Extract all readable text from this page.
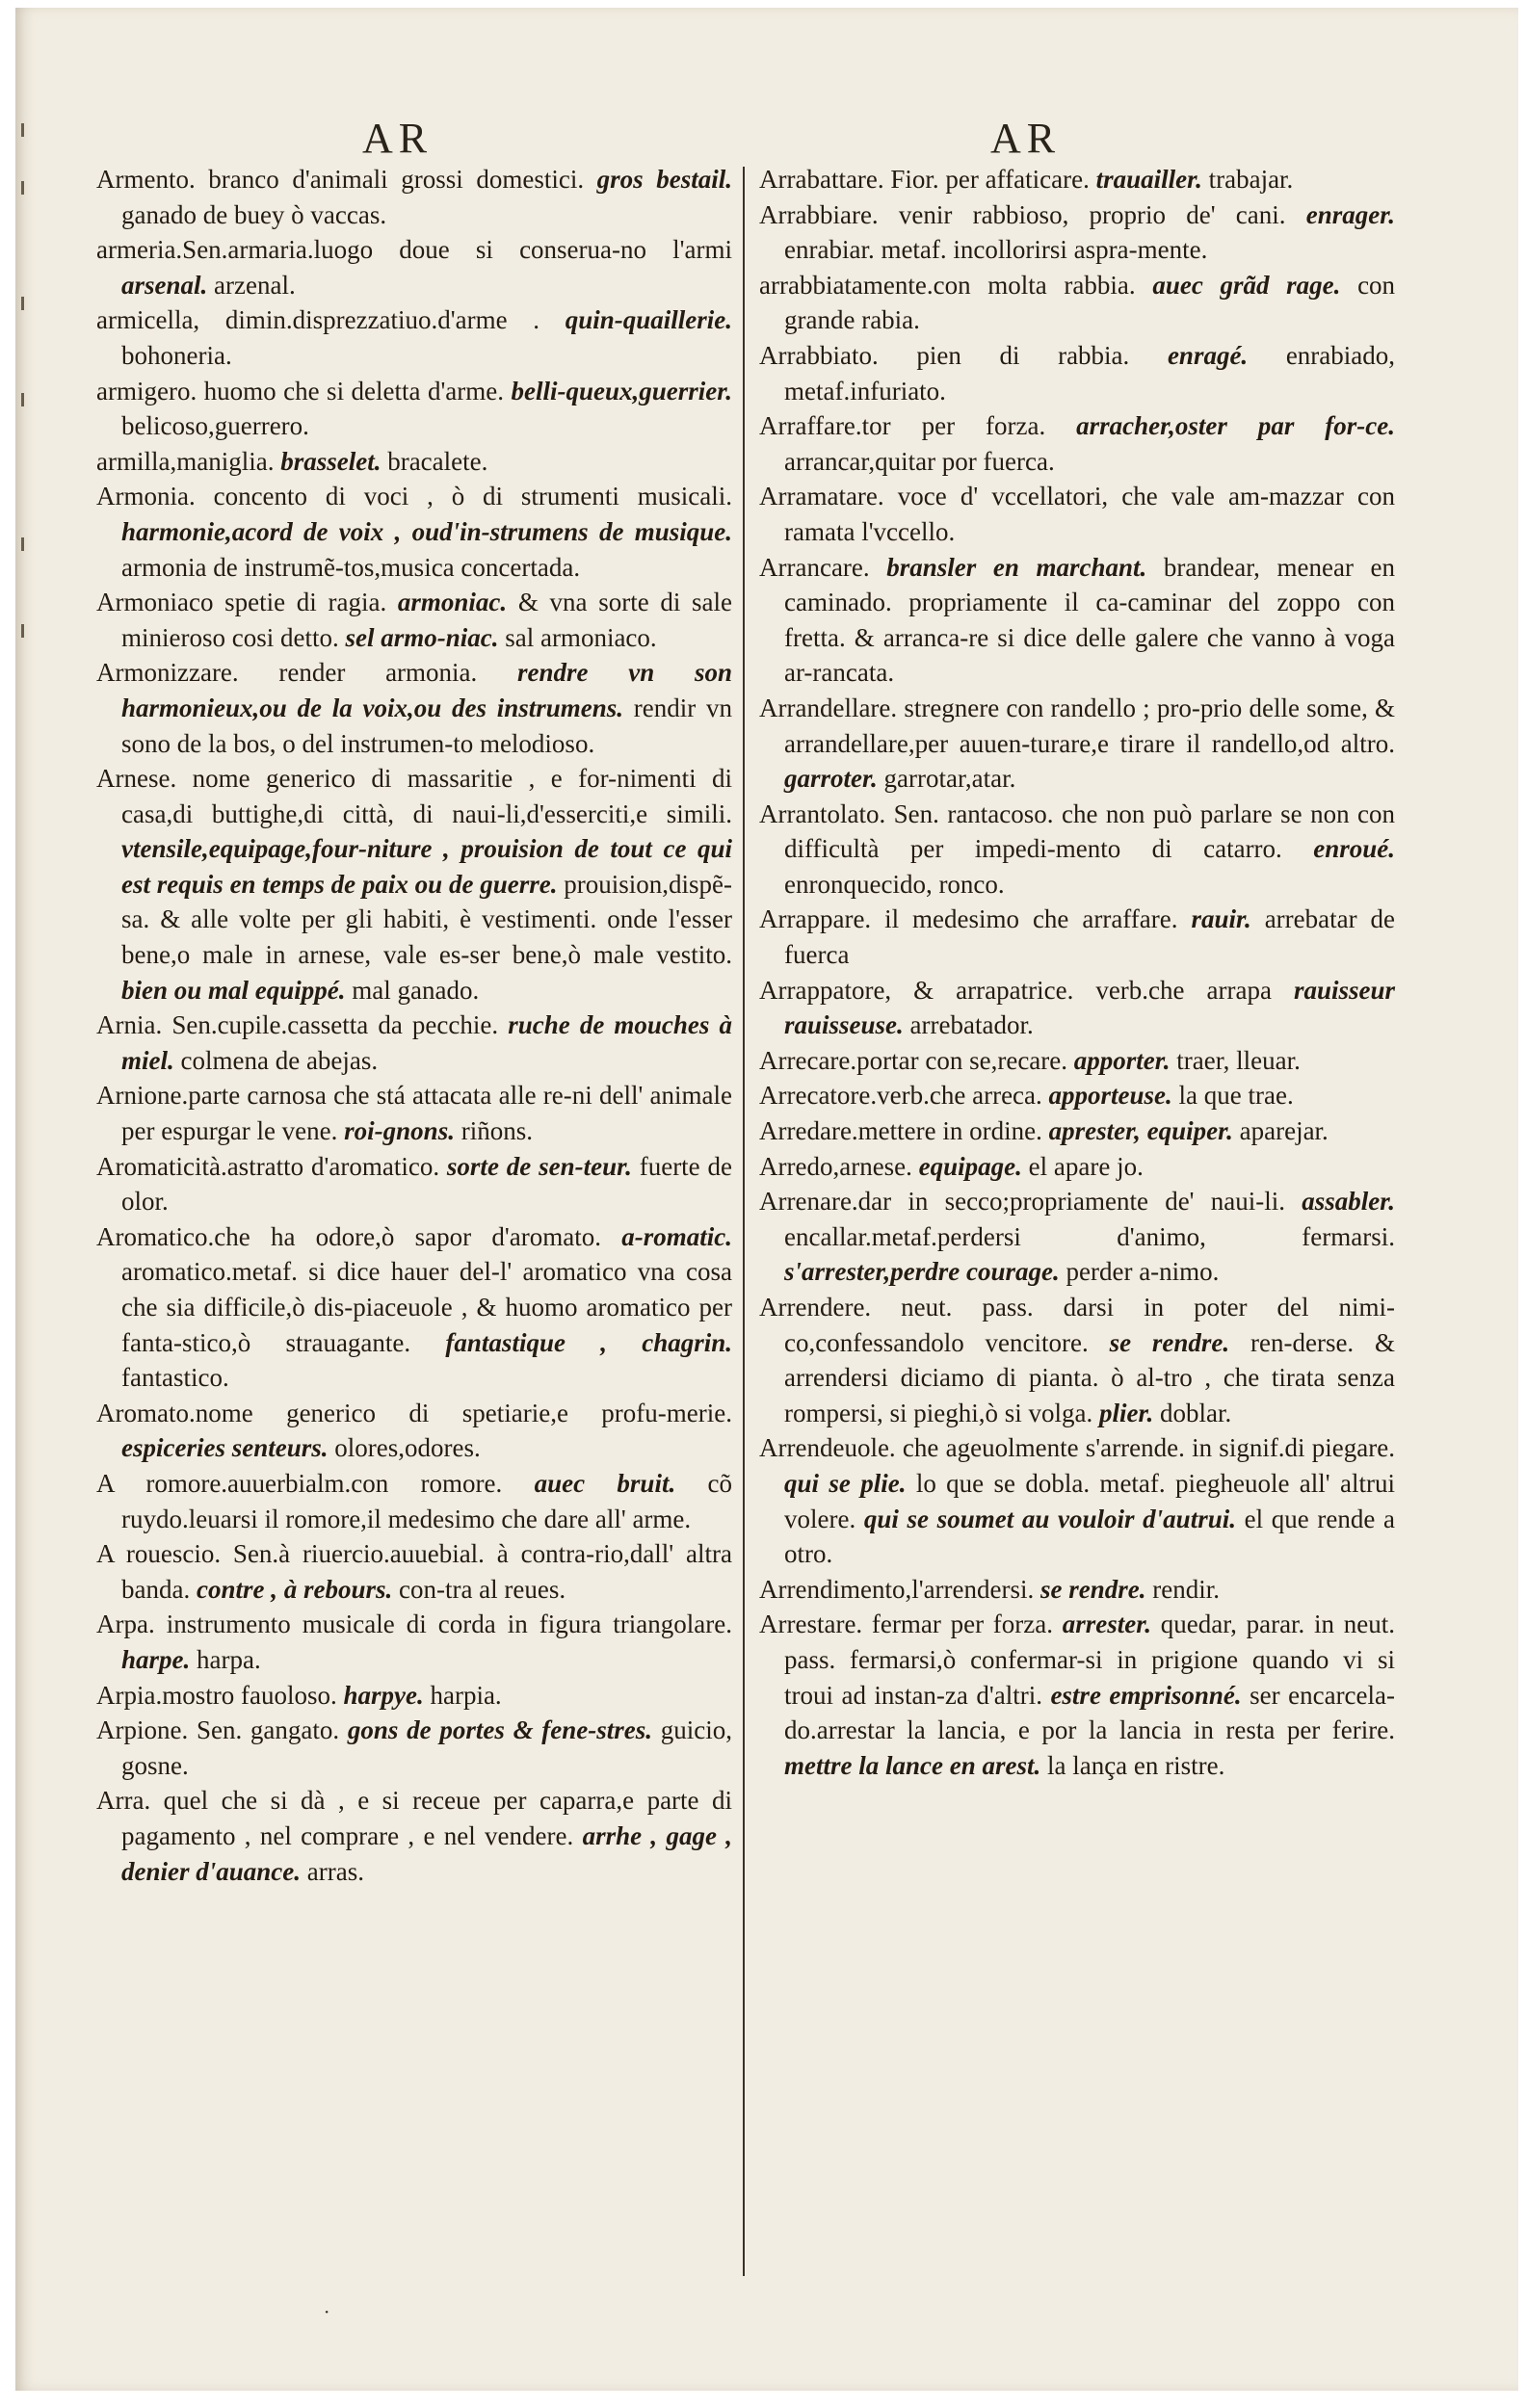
AR	AR

Armento. branco d'animali grossi domestici. gros bestail. ganado de buey ò vaccas.

armeria.Sen.armaria.luogo doue si conserua-no l'armi arsenal. arzenal.

armicella, dimin.disprezzatiuo.d'arme . quin-quaillerie. bohoneria.

armigero. huomo che si deletta d'arme. belli-queux,guerrier. belicoso,guerrero.

armilla,maniglia. brasselet. bracalete.

Armonia. concento di voci , ò di strumenti musicali. harmonie,acord de voix , oud'in-strumens de musique. armonia de instrumẽ-tos,musica concertada.

Armoniaco spetie di ragia. armoniac. & vna sorte di sale minieroso cosi detto. sel armo-niac. sal armoniaco.

Armonizzare. render armonia. rendre vn son harmonieux,ou de la voix,ou des instrumens. rendir vn sono de la bos, o del instrumen-to melodioso.

Arnese. nome generico di massaritie , e for-nimenti di casa,di buttighe,di città, di naui-li,d'esserciti,e simili. vtensile,equipage,four-niture , prouision de tout ce qui est requis en temps de paix ou de guerre. prouision,dispẽ-sa. & alle volte per gli habiti, è vestimenti. onde l'esser bene,o male in arnese, vale es-ser bene,ò male vestito. bien ou mal equippé. mal ganado.

Arnia. Sen.cupile.cassetta da pecchie. ruche de mouches à miel. colmena de abejas.

Arnione.parte carnosa che stá attacata alle re-ni dell' animale per espurgar le vene. roi-gnons. riñons.

Aromaticità.astratto d'aromatico. sorte de sen-teur. fuerte de olor.

Aromatico.che ha odore,ò sapor d'aromato. a-romatic. aromatico.metaf. si dice hauer del-l' aromatico vna cosa che sia difficile,ò dis-piaceuole , & huomo aromatico per fanta-stico,ò strauagante. fantastique , chagrin. fantastico.

Aromato.nome generico di spetiarie,e profu-merie. espiceries senteurs. olores,odores.

A romore.auuerbialm.con romore. auec bruit. cõ ruydo.leuarsi il romore,il medesimo che dare all' arme.

A rouescio. Sen.à riuercio.auuebial. à contra-rio,dall' altra banda. contre , à rebours. con-tra al reues.

Arpa. instrumento musicale di corda in figura triangolare. harpe. harpa.

Arpia.mostro fauoloso. harpye. harpia.

Arpione. Sen. gangato. gons de portes & fene-stres. guicio, gosne.

Arra. quel che si dà , e si receue per caparra,e parte di pagamento , nel comprare , e nel vendere. arrhe , gage , denier d'auance. arras.

Arrabattare. Fior. per affaticare. trauailler. trabajar.

Arrabbiare. venir rabbioso, proprio de' cani. enrager. enrabiar. metaf. incollorirsi aspra-mente.

arrabbiatamente.con molta rabbia. auec grãd rage. con grande rabia.

Arrabbiato. pien di rabbia. enragé. enrabiado, metaf.infuriato.

Arraffare.tor per forza. arracher,oster par for-ce. arrancar,quitar por fuerca.

Arramatare. voce d' vccellatori, che vale am-mazzar con ramata l'vccello.

Arrancare. bransler en marchant. brandear, menear en caminado. propriamente il ca-caminar del zoppo con fretta. & arranca-re si dice delle galere che vanno à voga ar-rancata.

Arrandellare. stregnere con randello ; pro-prio delle some, & arrandellare,per auuen-turare,e tirare il randello,od altro. garroter. garrotar,atar.

Arrantolato. Sen. rantacoso. che non può parlare se non con difficultà per impedi-mento di catarro. enroué. enronquecido, ronco.

Arrappare. il medesimo che arraffare. rauir. arrebatar de fuerca

Arrappatore, & arrapatrice. verb.che arrapa rauisseur rauisseuse. arrebatador.

Arrecare.portar con se,recare. apporter. traer, lleuar.

Arrecatore.verb.che arreca. apporteuse. la que trae.

Arredare.mettere in ordine. aprester, equiper. aparejar.

Arredo,arnese. equipage. el apare jo.

Arrenare.dar in secco;propriamente de' naui-li. assabler. encallar.metaf.perdersi d'animo, fermarsi. s'arrester,perdre courage. perder a-nimo.

Arrendere. neut. pass. darsi in poter del nimi-co,confessandolo vencitore. se rendre. ren-derse. & arrendersi diciamo di pianta. ò al-tro , che tirata senza rompersi, si pieghi,ò si volga. plier. doblar.

Arrendeuole. che ageuolmente s'arrende. in signif.di piegare. qui se plie. lo que se dobla. metaf. piegheuole all' altrui volere. qui se soumet au vouloir d'autrui. el que rende a otro.

Arrendimento,l'arrendersi. se rendre. rendir.

Arrestare. fermar per forza. arrester. quedar, parar. in neut. pass. fermarsi,ò confermar-si in prigione quando vi si troui ad instan-za d'altri. estre emprisonné. ser encarcela-do.arrestar la lancia, e por la lancia in resta per ferire. mettre la lance en arest. la lança en ristre.

·
